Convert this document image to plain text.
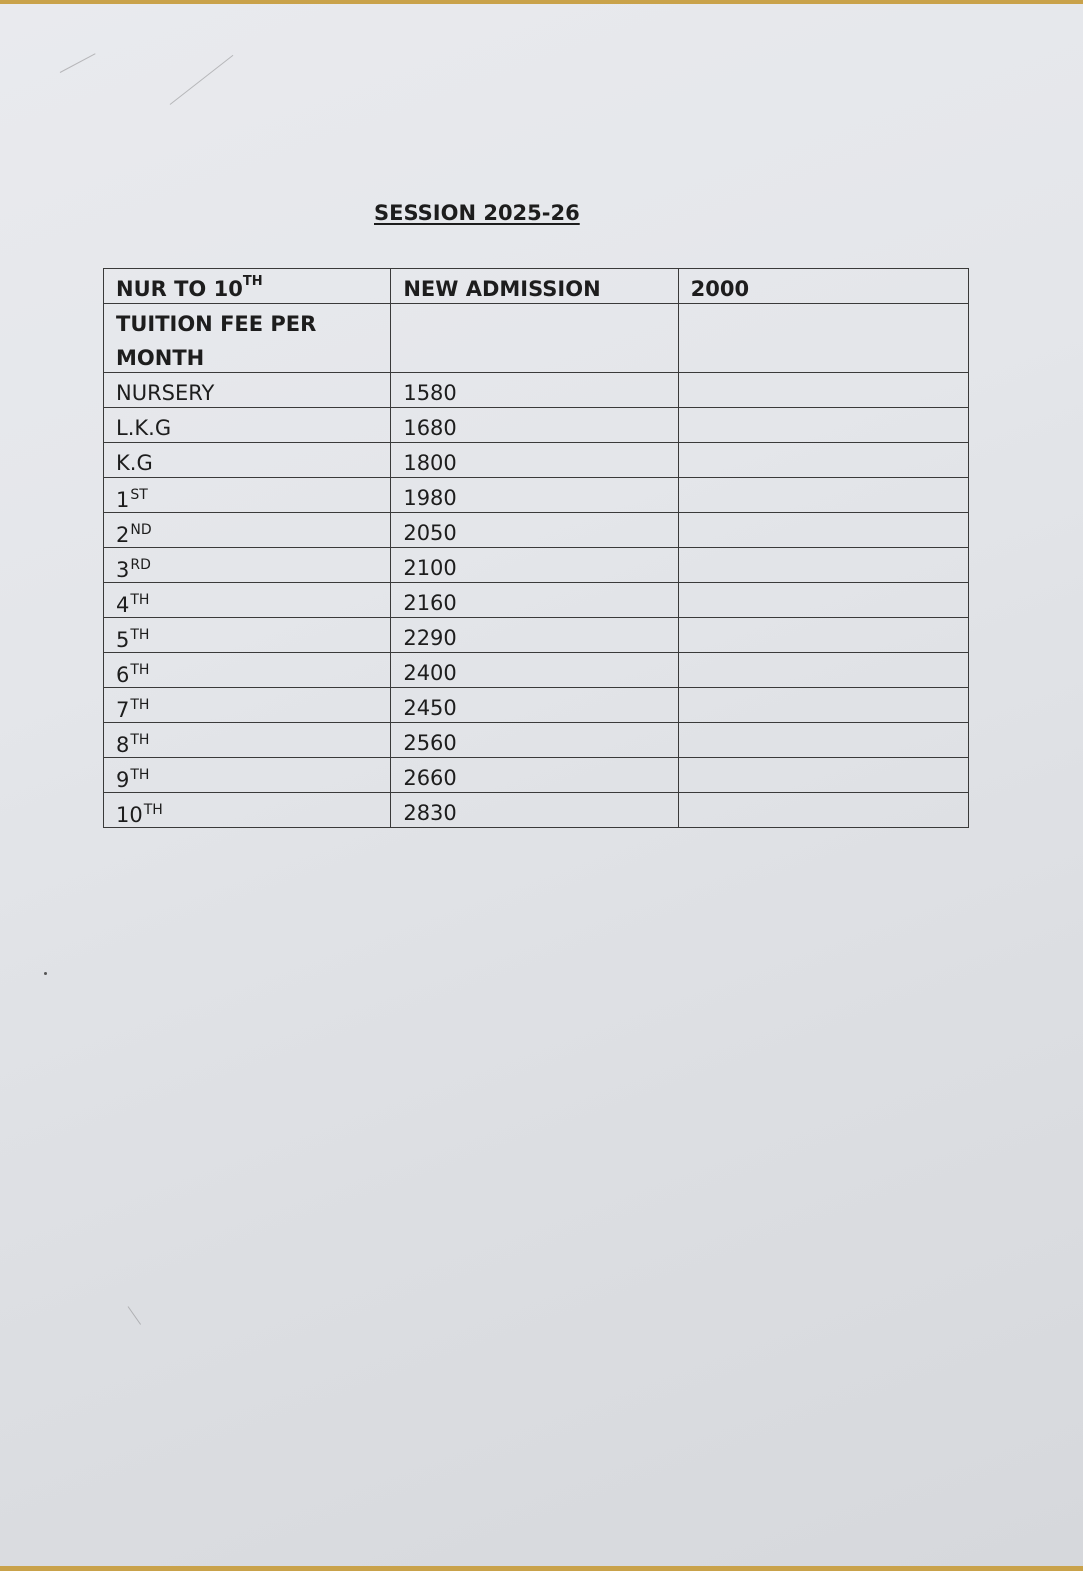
SESSION 2025-26
NUR TO 10TH	NEW ADMISSION	2000
TUITION FEE PER MONTH		
NURSERY	1580	
L.K.G	1680	
K.G	1800	
1ST	1980	
2ND	2050	
3RD	2100	
4TH	2160	
5TH	2290	
6TH	2400	
7TH	2450	
8TH	2560	
9TH	2660	
10TH	2830	
